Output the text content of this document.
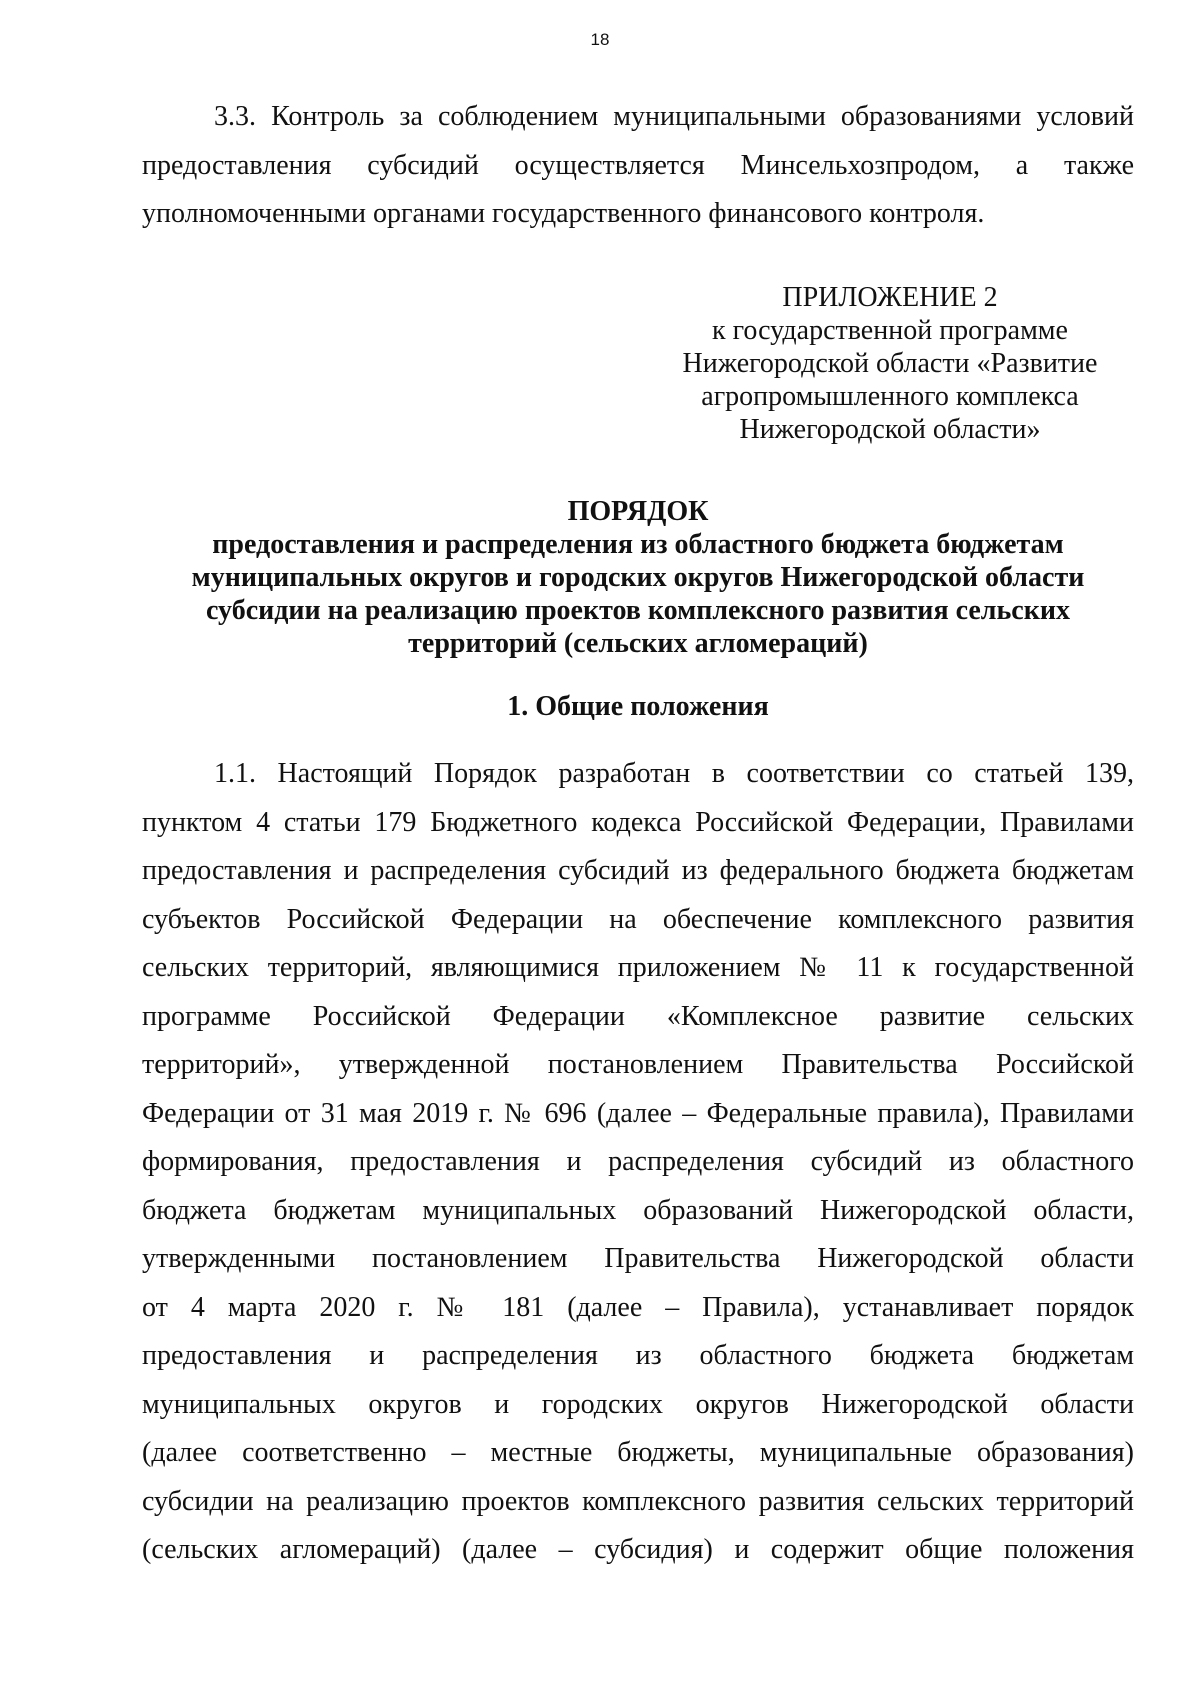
18
3.3. Контроль за соблюдением муниципальными образованиями условий
предоставления субсидий осуществляется Минсельхозпродом, а также
уполномоченными органами государственного финансового контроля.
ПРИЛОЖЕНИЕ 2
к государственной программе
Нижегородской области «Развитие
агропромышленного комплекса
Нижегородской области»
ПОРЯДОК
предоставления и распределения из областного бюджета бюджетам
муниципальных округов и городских округов Нижегородской области
субсидии на реализацию проектов комплексного развития сельских
территорий (сельских агломераций)
1. Общие положения
1.1. Настоящий Порядок разработан в соответствии со статьей 139,
пунктом 4 статьи 179 Бюджетного кодекса Российской Федерации, Правилами
предоставления и распределения субсидий из федерального бюджета бюджетам
субъектов Российской Федерации на обеспечение комплексного развития
сельских территорий, являющимися приложением № 11 к государственной
программе Российской Федерации «Комплексное развитие сельских
территорий», утвержденной постановлением Правительства Российской
Федерации от 31 мая 2019 г. № 696 (далее – Федеральные правила), Правилами
формирования, предоставления и распределения субсидий из областного
бюджета бюджетам муниципальных образований Нижегородской области,
утвержденными постановлением Правительства Нижегородской области
от 4 марта 2020 г. № 181 (далее – Правила), устанавливает порядок
предоставления и распределения из областного бюджета бюджетам
муниципальных округов и городских округов Нижегородской области
(далее соответственно – местные бюджеты, муниципальные образования)
субсидии на реализацию проектов комплексного развития сельских территорий
(сельских агломераций) (далее – субсидия) и содержит общие положения
